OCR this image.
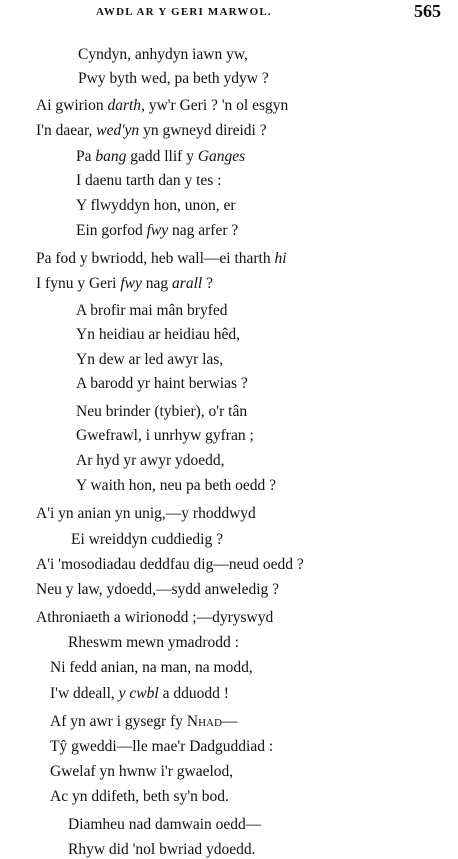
AWDL AR Y GERI MARWOL.	565
Cyndyn, anhydyn iawn yw,
Pwy byth wed, pa beth ydyw ?
Ai gwirion darth, yw'r Geri ? 'n ol esgyn
I'n daear, wed'yn yn gwneyd direidi ?
Pa bang gadd llif y Ganges
I daenu tarth dan y tes :
Y flwyddyn hon, unon, er
Ein gorfod fwy nag arfer ?
Pa fod y bwriodd, heb wall—ei tharth hi
I fynu y Geri fwy nag arall ?
A brofir mai mân bryfed
Yn heidiau ar heidiau hêd,
Yn dew ar led awyr las,
A barodd yr haint berwias ?
Neu brinder (tybier), o'r tân
Gwefrawl, i unrhyw gyfran ;
Ar hyd yr awyr ydoedd,
Y waith hon, neu pa beth oedd ?
A'i yn anian yn unig,—y rhoddwyd
Ei wreiddyn cuddiedig ?
A'i 'mosodiadau deddfau dig—neud oedd ?
Neu y law, ydoedd,—sydd anweledig ?
Athroniaeth a wirionodd ;—dyryswyd
Rheswm mewn ymadrodd :
Ni fedd anian, na man, na modd,
I'w ddeall, y cwbl a dduodd !
Af yn awr i gysegr fy Nhad—
Tŷ gweddi—lle mae'r Dadguddiad :
Gwelaf yn hwnw i'r gwaelod,
Ac yn ddifeth, beth sy'n bod.
Diamheu nad damwain oedd—
Rhyw did 'nol bwriad ydoedd.
